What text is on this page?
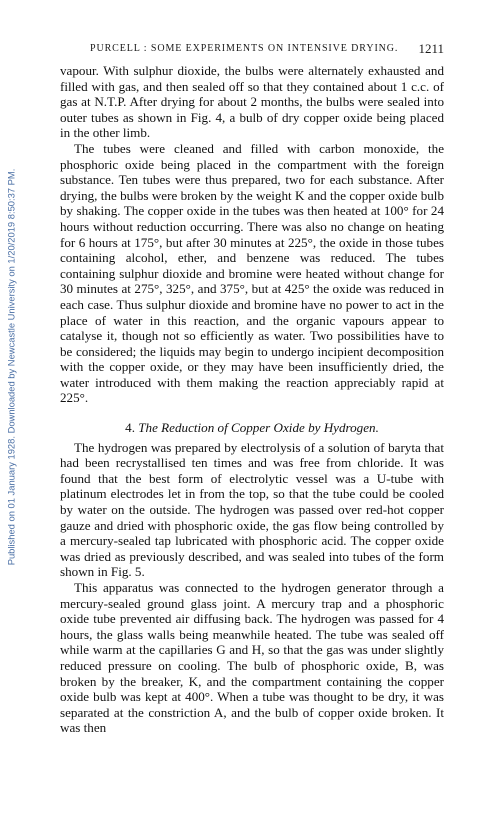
PURCELL : SOME EXPERIMENTS ON INTENSIVE DRYING. 1211
Published on 01 January 1928. Downloaded by Newcastle University on 1/20/2019 8:50:37 PM.

vapour. With sulphur dioxide, the bulbs were alternately exhausted and filled with gas, and then sealed off so that they contained about 1 c.c. of gas at N.T.P. After drying for about 2 months, the bulbs were sealed into outer tubes as shown in Fig. 4, a bulb of dry copper oxide being placed in the other limb.

The tubes were cleaned and filled with carbon monoxide, the phosphoric oxide being placed in the compartment with the foreign substance. Ten tubes were thus prepared, two for each substance. After drying, the bulbs were broken by the weight K and the copper oxide bulb by shaking. The copper oxide in the tubes was then heated at 100° for 24 hours without reduction occurring. There was also no change on heating for 6 hours at 175°, but after 30 minutes at 225°, the oxide in those tubes containing alcohol, ether, and benzene was reduced. The tubes containing sulphur dioxide and bromine were heated without change for 30 minutes at 275°, 325°, and 375°, but at 425° the oxide was reduced in each case. Thus sulphur dioxide and bromine have no power to act in the place of water in this reaction, and the organic vapours appear to catalyse it, though not so efficiently as water. Two possibilities have to be considered; the liquids may begin to undergo incipient decomposition with the copper oxide, or they may have been insufficiently dried, the water introduced with them making the reaction appreciably rapid at 225°.

4. The Reduction of Copper Oxide by Hydrogen.

The hydrogen was prepared by electrolysis of a solution of baryta that had been recrystallised ten times and was free from chloride. It was found that the best form of electrolytic vessel was a U-tube with platinum electrodes let in from the top, so that the tube could be cooled by water on the outside. The hydrogen was passed over red-hot copper gauze and dried with phosphoric oxide, the gas flow being controlled by a mercury-sealed tap lubricated with phosphoric acid. The copper oxide was dried as previously described, and was sealed into tubes of the form shown in Fig. 5.

This apparatus was connected to the hydrogen generator through a mercury-sealed ground glass joint. A mercury trap and a phosphoric oxide tube prevented air diffusing back. The hydrogen was passed for 4 hours, the glass walls being meanwhile heated. The tube was sealed off while warm at the capillaries G and H, so that the gas was under slightly reduced pressure on cooling. The bulb of phosphoric oxide, B, was broken by the breaker, K, and the compartment containing the copper oxide bulb was kept at 400°. When a tube was thought to be dry, it was separated at the constriction A, and the bulb of copper oxide broken. It was then
